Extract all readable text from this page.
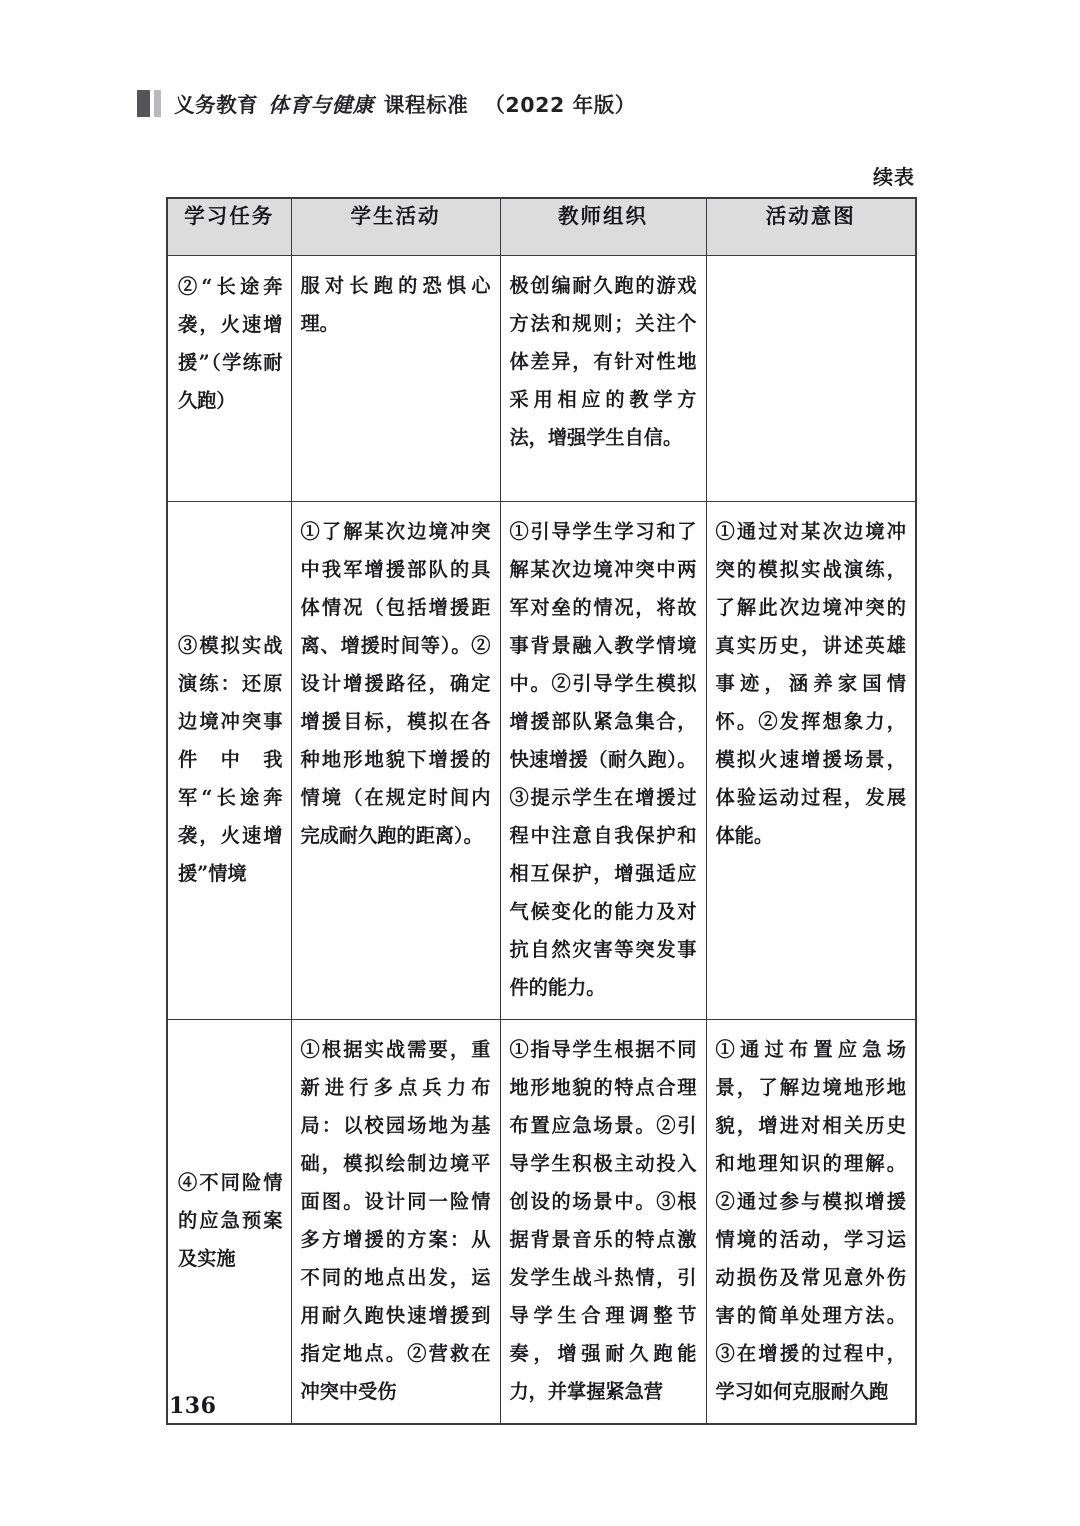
义务教育 体育与健康 课程标准 （2022 年版）
续表
学习任务	学生活动	教师组织	活动意图

②“长途奔袭，火速增援”（学练耐久跑）	服对长跑的恐惧心理。	极创编耐久跑的游戏方法和规则；关注个体差异，有针对性地采用相应的教学方法，增强学生自信。	

③模拟实战演练：还原边境冲突事件中我军“长途奔袭，火速增援”情境	①了解某次边境冲突中我军增援部队的具体情况（包括增援距离、增援时间等）。②设计增援路径，确定增援目标，模拟在各种地形地貌下增援的情境（在规定时间内完成耐久跑的距离）。	①引导学生学习和了解某次边境冲突中两军对垒的情况，将故事背景融入教学情境中。②引导学生模拟增援部队紧急集合，快速增援（耐久跑）。③提示学生在增援过程中注意自我保护和相互保护，增强适应气候变化的能力及对抗自然灾害等突发事件的能力。	①通过对某次边境冲突的模拟实战演练，了解此次边境冲突的真实历史，讲述英雄事迹，涵养家国情怀。②发挥想象力，模拟火速增援场景，体验运动过程，发展体能。

④不同险情的应急预案及实施	①根据实战需要，重新进行多点兵力布局：以校园场地为基础，模拟绘制边境平面图。设计同一险情多方增援的方案：从不同的地点出发，运用耐久跑快速增援到指定地点。②营救在冲突中受伤	①指导学生根据不同地形地貌的特点合理布置应急场景。②引导学生积极主动投入创设的场景中。③根据背景音乐的特点激发学生战斗热情，引导学生合理调整节奏，增强耐久跑能力，并掌握紧急营	①通过布置应急场景，了解边境地形地貌，增进对相关历史和地理知识的理解。②通过参与模拟增援情境的活动，学习运动损伤及常见意外伤害的简单处理方法。③在增援的过程中，学习如何克服耐久跑
136
